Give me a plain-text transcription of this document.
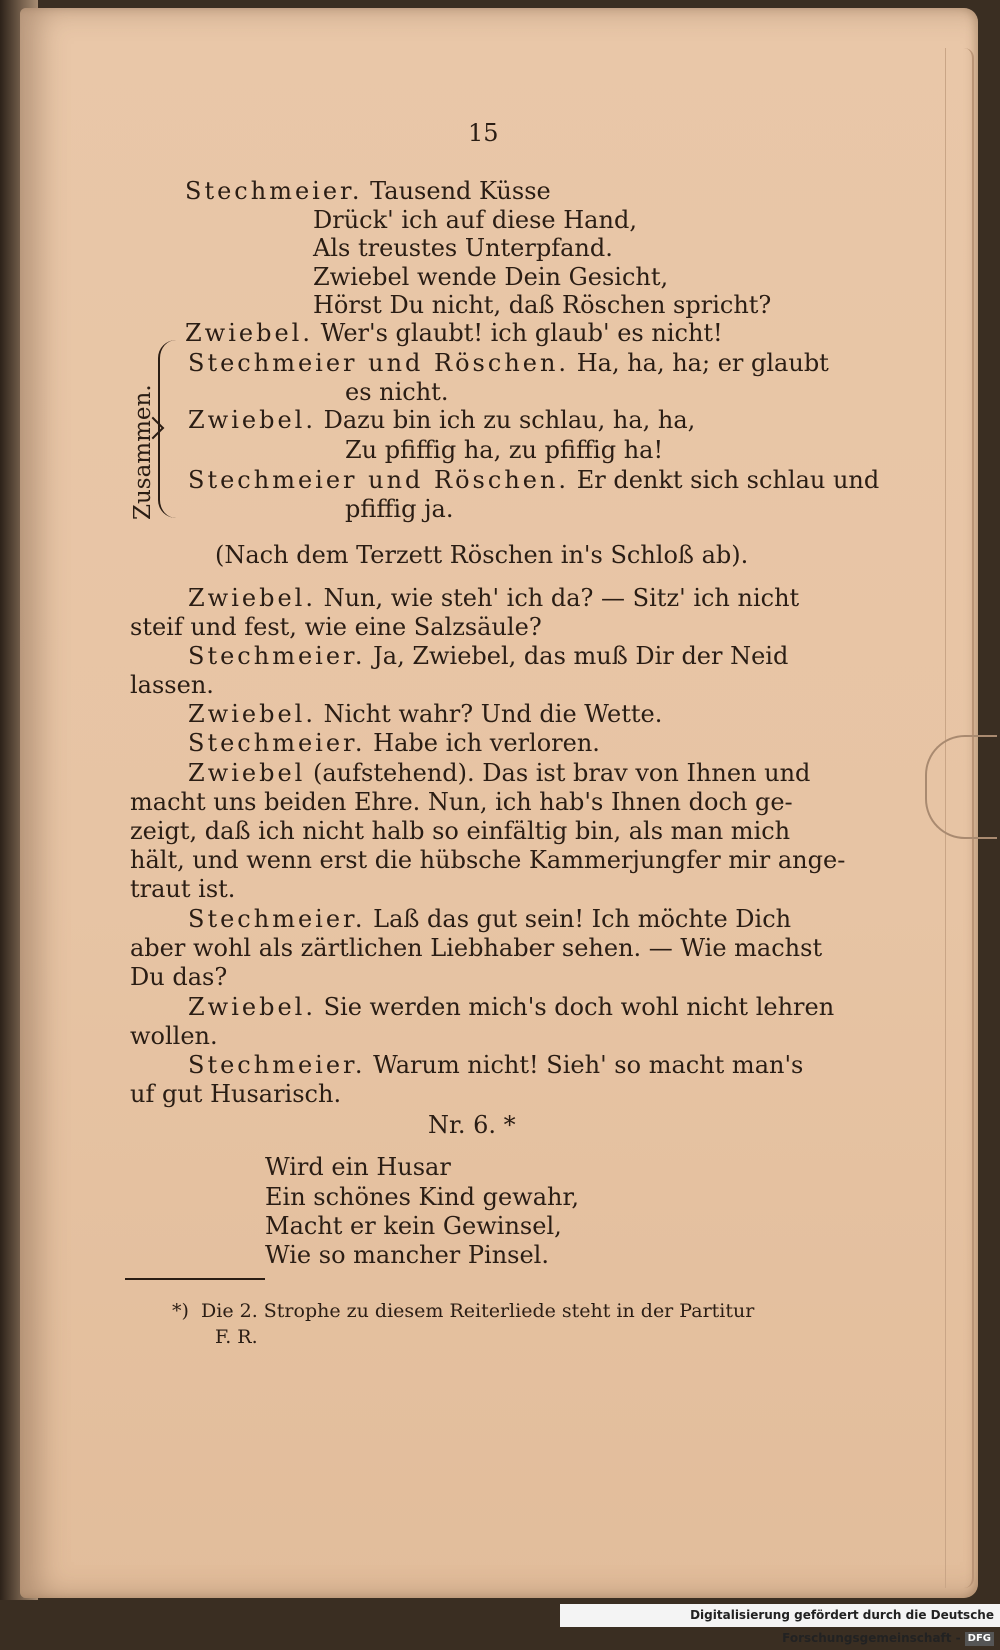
15
Stechmeier. Tausend Küsse
Drück' ich auf diese Hand,
Als treustes Unterpfand.
Zwiebel wende Dein Gesicht,
Hörst Du nicht, daß Röschen spricht?
Zwiebel. Wer's glaubt! ich glaub' es nicht!
Stechmeier und Röschen. Ha, ha, ha; er glaubt
es nicht.
Zwiebel. Dazu bin ich zu schlau, ha, ha,
Zu pfiffig ha, zu pfiffig ha!
Stechmeier und Röschen. Er denkt sich schlau und
pfiffig ja.
Zusammen.
(Nach dem Terzett Röschen in's Schloß ab).
Zwiebel. Nun, wie steh' ich da? — Sitz' ich nicht
steif und fest, wie eine Salzsäule?
Stechmeier. Ja, Zwiebel, das muß Dir der Neid
lassen.
Zwiebel. Nicht wahr? Und die Wette.
Stechmeier. Habe ich verloren.
Zwiebel (aufstehend). Das ist brav von Ihnen und
macht uns beiden Ehre. Nun, ich hab's Ihnen doch ge-
zeigt, daß ich nicht halb so einfältig bin, als man mich
hält, und wenn erst die hübsche Kammerjungfer mir ange-
traut ist.
Stechmeier. Laß das gut sein! Ich möchte Dich
aber wohl als zärtlichen Liebhaber sehen. — Wie machst
Du das?
Zwiebel. Sie werden mich's doch wohl nicht lehren
wollen.
Stechmeier. Warum nicht! Sieh' so macht man's
uf gut Husarisch.
Nr. 6. *
Wird ein Husar
Ein schönes Kind gewahr,
Macht er kein Gewinsel,
Wie so mancher Pinsel.
*) Die 2. Strophe zu diesem Reiterliede steht in der Partitur
F. R.
Digitalisierung gefördert durch die Deutsche Forschungsgemeinschaft - DFG
